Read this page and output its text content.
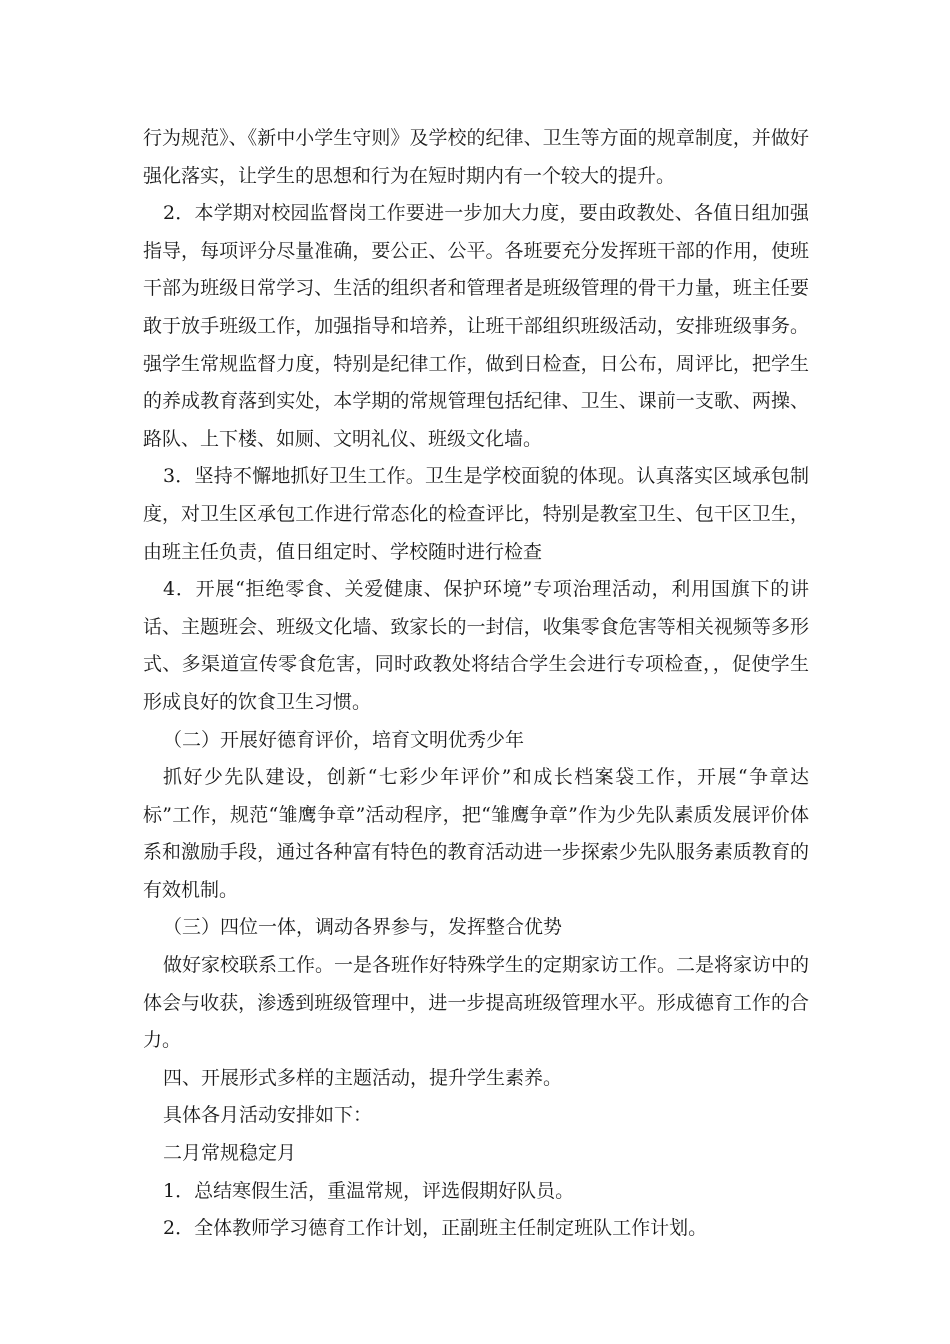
行为规范》、《新中小学生守则》及学校的纪律、卫生等方面的规章制度，并做好强化落实，让学生的思想和行为在短时期内有一个较大的提升。

2．本学期对校园监督岗工作要进一步加大力度，要由政教处、各值日组加强指导，每项评分尽量准确，要公正、公平。各班要充分发挥班干部的作用，使班干部为班级日常学习、生活的组织者和管理者是班级管理的骨干力量，班主任要敢于放手班级工作，加强指导和培养，让班干部组织班级活动，安排班级事务。强学生常规监督力度，特别是纪律工作，做到日检查，日公布，周评比，把学生的养成教育落到实处，本学期的常规管理包括纪律、卫生、课前一支歌、两操、路队、上下楼、如厕、文明礼仪、班级文化墙。

3．坚持不懈地抓好卫生工作。卫生是学校面貌的体现。认真落实区域承包制度，对卫生区承包工作进行常态化的检查评比，特别是教室卫生、包干区卫生，由班主任负责，值日组定时、学校随时进行检查

4．开展“拒绝零食、关爱健康、保护环境”专项治理活动，利用国旗下的讲话、主题班会、班级文化墙、致家长的一封信，收集零食危害等相关视频等多形式、多渠道宣传零食危害，同时政教处将结合学生会进行专项检查，，促使学生形成良好的饮食卫生习惯。

（二）开展好德育评价，培育文明优秀少年

抓好少先队建设，创新“七彩少年评价”和成长档案袋工作，开展“争章达标”工作，规范“雏鹰争章”活动程序，把“雏鹰争章”作为少先队素质发展评价体系和激励手段，通过各种富有特色的教育活动进一步探索少先队服务素质教育的有效机制。

（三）四位一体，调动各界参与，发挥整合优势

做好家校联系工作。一是各班作好特殊学生的定期家访工作。二是将家访中的体会与收获，渗透到班级管理中，进一步提高班级管理水平。形成德育工作的合力。

四、开展形式多样的主题活动，提升学生素养。

具体各月活动安排如下：

二月常规稳定月

1．总结寒假生活，重温常规，评选假期好队员。

2．全体教师学习德育工作计划，正副班主任制定班队工作计划。
